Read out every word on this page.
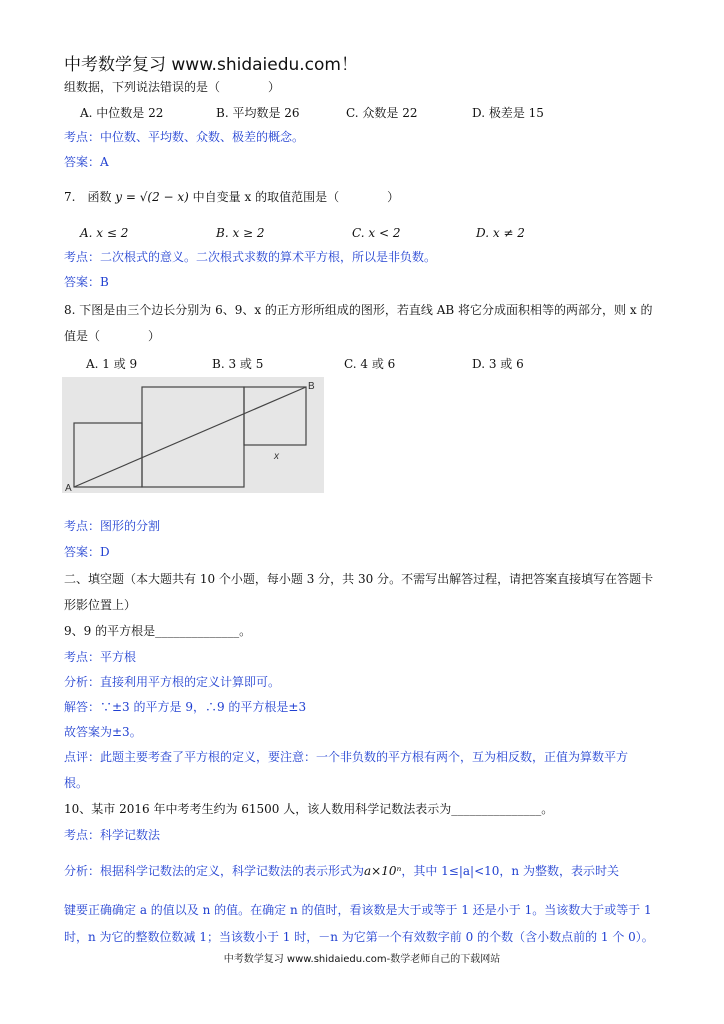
中考数学复习 www.shidaiedu.com！
组数据，下列说法错误的是（　　　　）
A. 中位数是 22	B. 平均数是 26	C. 众数是 22	D. 极差是 15
考点：中位数、平均数、众数、极差的概念。
答案：A
7.　函数 y = √(2 − x) 中自变量 x 的取值范围是（　　　　）
A. x ≤ 2	B. x ≥ 2	C. x < 2	D. x ≠ 2
考点：二次根式的意义。二次根式求数的算术平方根，所以是非负数。
答案：B
8. 下图是由三个边长分别为 6、9、x 的正方形所组成的图形，若直线 AB 将它分成面积相等的两部分，则 x 的
值是（　　　　）
A. 1 或 9	B. 3 或 5	C. 4 或 6	D. 3 或 6
A
B
x
考点：图形的分割
答案：D
二、填空题（本大题共有 10 个小题，每小题 3 分，共 30 分。不需写出解答过程，请把答案直接填写在答题卡
形影位置上）
9、9 的平方根是______________。
考点：平方根
分析：直接利用平方根的定义计算即可。
解答：∵±3 的平方是 9，∴9 的平方根是±3
故答案为±3。
点评：此题主要考查了平方根的定义，要注意：一个非负数的平方根有两个，互为相反数，正值为算数平方
根。
10、某市 2016 年中考考生约为 61500 人，该人数用科学记数法表示为_______________。
考点：科学记数法
分析：根据科学记数法的定义，科学记数法的表示形式为a×10ⁿ，其中 1≤|a|<10，n 为整数，表示时关
键要正确确定 a 的值以及 n 的值。在确定 n 的值时，看该数是大于或等于 1 还是小于 1。当该数大于或等于 1
时，n 为它的整数位数减 1；当该数小于 1 时，－n 为它第一个有效数字前 0 的个数（含小数点前的 1 个 0）。
中考数学复习 www.shidaiedu.com-数学老师自己的下载网站
